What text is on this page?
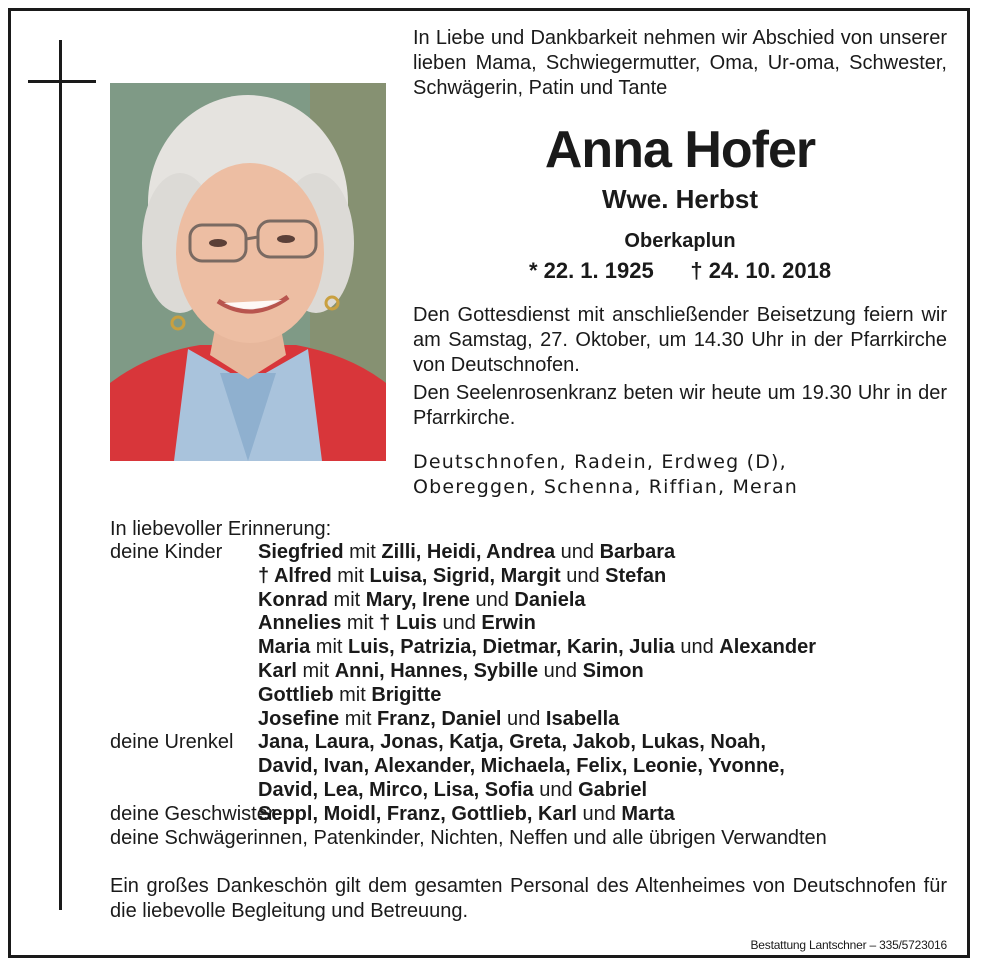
In Liebe und Dankbarkeit nehmen wir Abschied von unserer lieben Mama, Schwiegermutter, Oma, Ur-oma, Schwester, Schwägerin, Patin und Tante
Anna Hofer
Wwe. Herbst
Oberkaplun
* 22. 1. 1925      † 24. 10. 2018

Den Gottesdienst mit anschließender Beisetzung feiern wir am Samstag, 27. Oktober, um 14.30 Uhr in der Pfarrkirche von Deutschnofen.

Den Seelenrosenkranz beten wir heute um 19.30 Uhr in der Pfarrkirche.

Deutschnofen, Radein, Erdweg (D),
Obereggen, Schenna, Riffian, Meran
In liebevoller Erinnerung:
deine Kinder Siegfried mit Zilli, Heidi, Andrea und Barbara
† Alfred mit Luisa, Sigrid, Margit und Stefan
Konrad mit Mary, Irene und Daniela
Annelies mit † Luis und Erwin
Maria mit Luis, Patrizia, Dietmar, Karin, Julia und Alexander
Karl mit Anni, Hannes, Sybille und Simon
Gottlieb mit Brigitte
Josefine mit Franz, Daniel und Isabella
deine Urenkel Jana, Laura, Jonas, Katja, Greta, Jakob, Lukas, Noah,
David, Ivan, Alexander, Michaela, Felix, Leonie, Yvonne,
David, Lea, Mirco, Lisa, Sofia und Gabriel
deine Geschwister
Seppl, Moidl, Franz, Gottlieb, Karl und Marta
deine Schwägerinnen, Patenkinder, Nichten, Neffen und alle übrigen Verwandten
Ein großes Dankeschön gilt dem gesamten Personal des Altenheimes von Deutschnofen für die liebevolle Begleitung und Betreuung.
Bestattung Lantschner – 335/5723016
